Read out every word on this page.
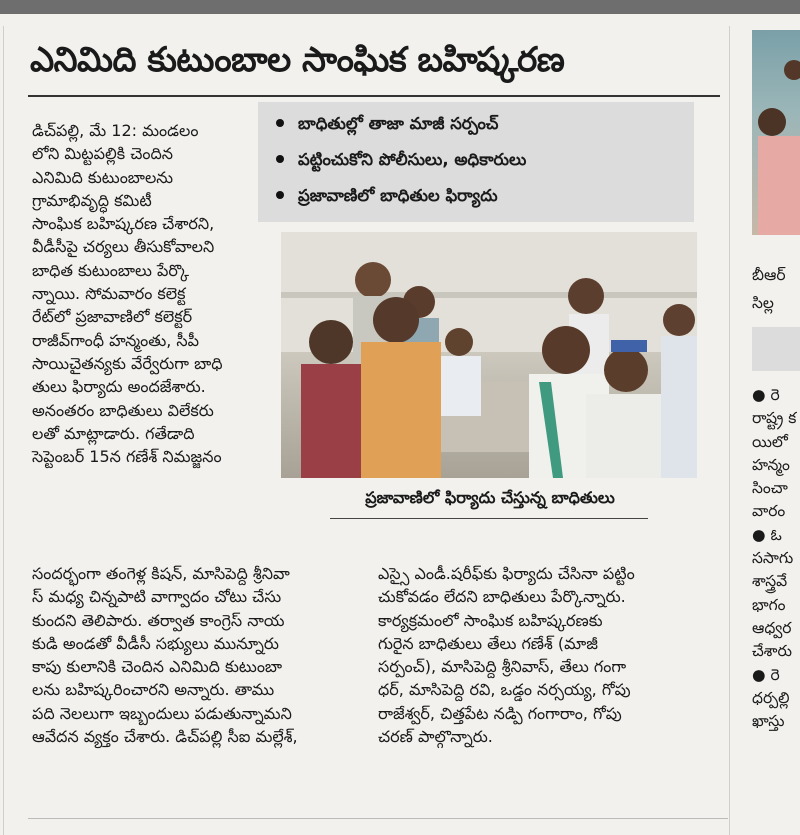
ఎనిమిది కుటుంబాల సాంఘిక బహిష్కరణ
బాధితుల్లో తాజా మాజీ సర్పంచ్
పట్టించుకోని పోలీసులు, అధికారులు
ప్రజావాణిలో బాధితుల ఫిర్యాదు

డిచ్‌పల్లి, మే 12: మండలం

లోని మిట్టపల్లికి చెందిన

ఎనిమిది కుటుంబాలను

గ్రామాభివృద్ధి కమిటీ

సాంఘిక బహిష్కరణ చేశారని,

వీడీసీపై చర్యలు తీసుకోవాలని

బాధిత కుటుంబాలు పేర్కొ

న్నాయి. సోమవారం కలెక్ట

రేట్‌లో ప్రజావాణిలో కలెక్టర్

రాజీవ్‌గాంధీ హన్మంతు, సీపీ

సాయిచైతన్యకు వేర్వేరుగా బాధి

తులు ఫిర్యాదు అందజేశారు.

అనంతరం బాధితులు విలేకరు

లతో మాట్లాడారు. గతేడాది

సెప్టెంబర్ 15న గణేశ్ నిమజ్జనం

ప్రజావాణిలో ఫిర్యాదు చేస్తున్న బాధితులు

సందర్భంగా తంగెళ్ల కిషన్, మాసిపెద్ది శ్రీనివా

స్ మధ్య చిన్నపాటి వాగ్వాదం చోటు చేసు

కుందని తెలిపారు. తర్వాత కాంగ్రెస్ నాయ

కుడి అండతో వీడీసీ సభ్యులు మున్నూరు

కాపు కులానికి చెందిన ఎనిమిది కుటుంబా

లను బహిష్కరించారని అన్నారు. తాము

పది నెలలుగా ఇబ్బందులు పడుతున్నామని

ఆవేదన వ్యక్తం చేశారు. డిచ్‌పల్లి సీఐ మల్లేశ్,

ఎస్సై ఎండీ.షరీఫ్‌కు ఫిర్యాదు చేసినా పట్టిం

చుకోవడం లేదని బాధితులు పేర్కొన్నారు.

కార్యక్రమంలో సాంఘిక బహిష్కరణకు

గురైన బాధితులు తేలు గణేశ్ (మాజీ

సర్పంచ్), మాసిపెద్ది శ్రీనివాస్, తేలు గంగా

ధర్, మాసిపెద్ది రవి, ఒడ్డం నర్సయ్య, గోపు

రాజేశ్వర్, చిత్తపేట నడ్పి గంగారాం, గోపు

చరణ్ పాల్గొన్నారు.

బీఆర్
సిల్ల
● రె
రాష్ట్ర క
యిలో
హన్మం
సించా
వారం
● ఓ
ససాగు
శాస్త్రవే
భాగం
ఆధ్వర
చేశారు
● రె
ధర్పల్లి
ఖాస్తు
